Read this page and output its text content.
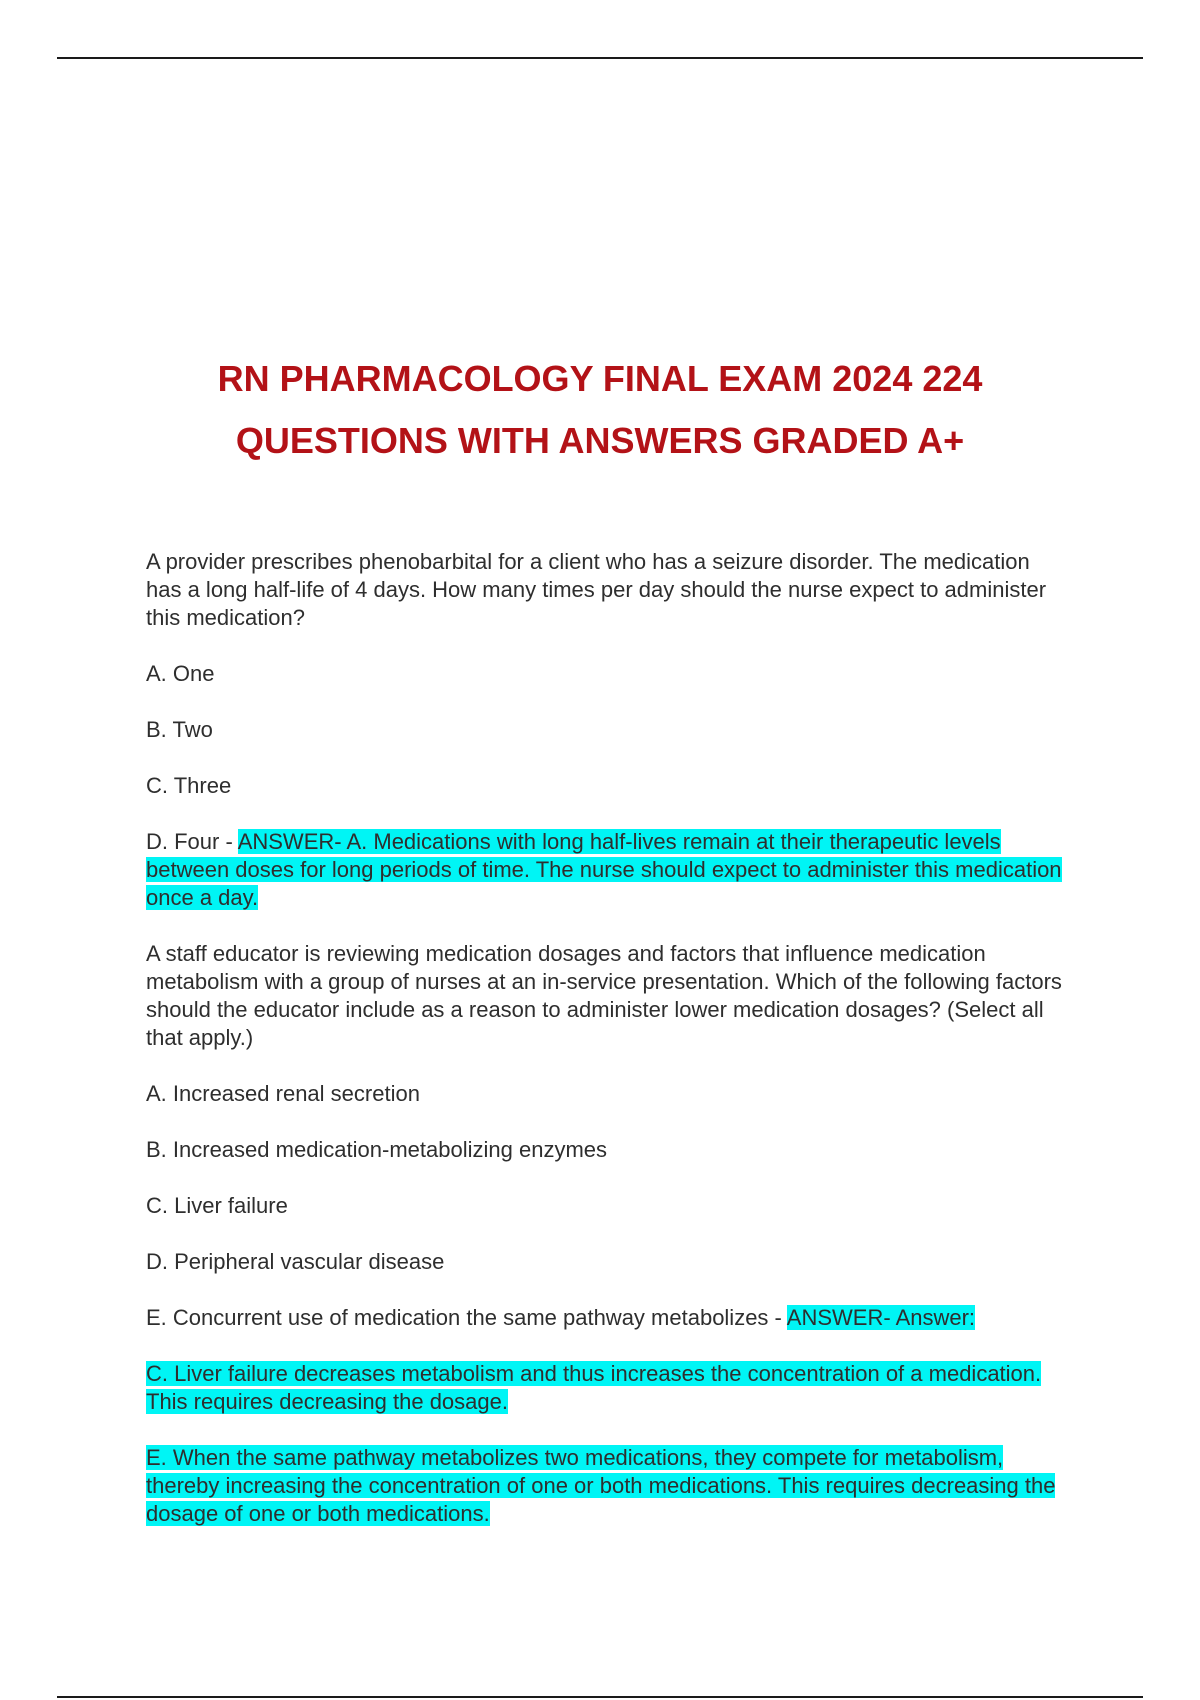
RN PHARMACOLOGY FINAL EXAM 2024 224
QUESTIONS WITH ANSWERS GRADED A+

A provider prescribes phenobarbital for a client who has a seizure disorder. The medication has a long half-life of 4 days. How many times per day should the nurse expect to administer this medication?

A. One

B. Two

C. Three

D. Four - ANSWER- A. Medications with long half-lives remain at their therapeutic levels between doses for long periods of time. The nurse should expect to administer this medication once a day.

A staff educator is reviewing medication dosages and factors that influence medication metabolism with a group of nurses at an in-service presentation. Which of the following factors should the educator include as a reason to administer lower medication dosages? (Select all that apply.)

A. Increased renal secretion

B. Increased medication-metabolizing enzymes

C. Liver failure

D. Peripheral vascular disease

E. Concurrent use of medication the same pathway metabolizes - ANSWER- Answer:

C. Liver failure decreases metabolism and thus increases the concentration of a medication. This requires decreasing the dosage.

E. When the same pathway metabolizes two medications, they compete for metabolism, thereby increasing the concentration of one or both medications. This requires decreasing the dosage of one or both medications.
